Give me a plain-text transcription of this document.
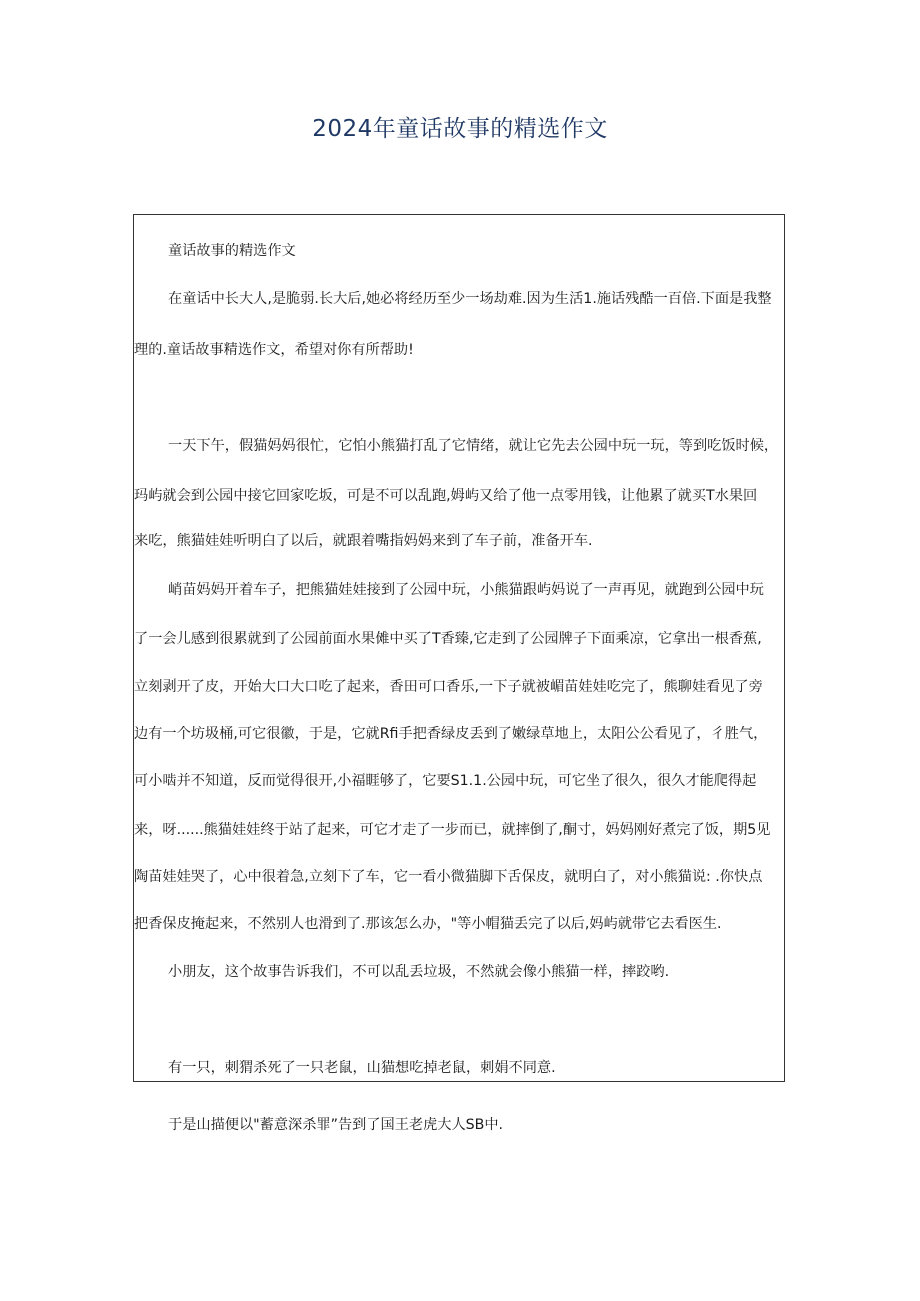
2024年童话故事的精选作文

童话故事的精选作文

在童话中长大人,是脆弱.长大后,她必将经历至少一场劫难.因为生活1.施话残酷一百倍.下面是我整

理的.童话故事精选作文，希望对你有所帮助!

一天下午，假猫妈妈很忙，它怕小熊猫打乱了它情绪，就让它先去公园中玩一玩，等到吃饭时候，

玛屿就会到公园中接它回家吃坂，可是不可以乱跑,姆屿又给了他一点零用钱，让他累了就买T水果回

来吃，熊猫娃娃听明白了以后，就跟着嘴指妈妈来到了车子前，准备开车.

峭苗妈妈开着车子，把熊猫娃娃接到了公园中玩，小熊猫跟屿妈说了一声再见，就跑到公园中玩

了一会儿感到很累就到了公园前面水果傩中买了T香臻,它走到了公园牌子下面乘凉，它拿出一根香蕉,

立刻剥开了皮，开始大口大口吃了起来，香田可口香乐,一下子就被嵋苗娃娃吃完了，熊聊娃看见了旁

边有一个坊圾桶,可它很徽，于是，它就Rfi手把香绿皮丢到了嫩绿草地上，太阳公公看见了，彳胜气，

可小啮并不知道，反而觉得很开,小福睚够了，它要S1.1.公园中玩，可它坐了很久，很久才能爬得起

来，呀......熊猫娃娃终于站了起来，可它才走了一步而已，就摔倒了,酮寸，妈妈刚好煮完了饭，期5见

陶苗娃娃哭了，心中很着急,立刻下了车，它一看小微猫脚下舌保皮，就明白了，对小熊猫说: .你快点

把香保皮掩起来，不然别人也滑到了.那该怎么办，"等小帽猫丢完了以后,妈屿就带它去看医生.

小朋友，这个故事告诉我们，不可以乱丢垃圾，不然就会像小熊猫一样，摔跤哟.

有一只，刺猬杀死了一只老鼠，山猫想吃掉老鼠，刺娟不同意.

于是山描便以"蓄意深杀罪”告到了国王老虎大人SB中.
